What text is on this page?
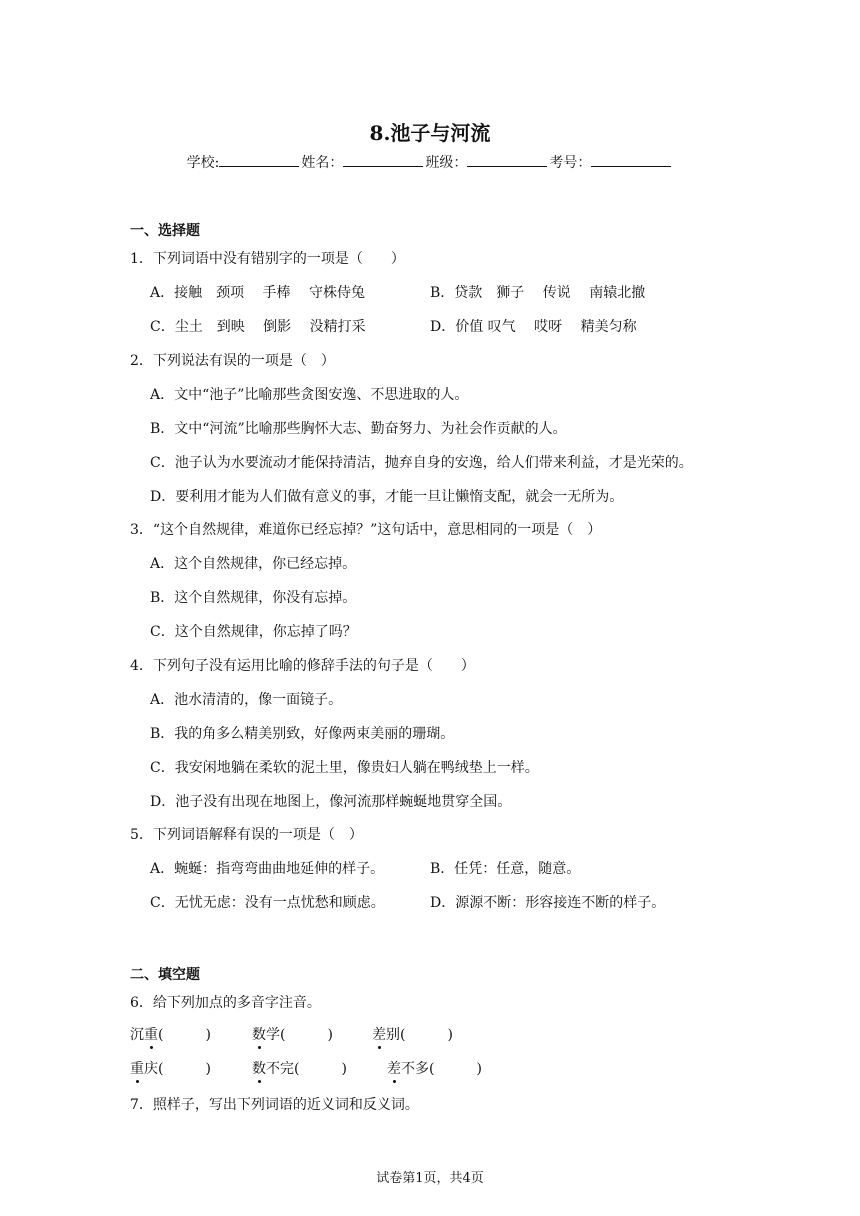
8.池子与河流
学校:	姓名：	班级：	考号：
一、选择题
1．下列词语中没有错别字的一项是（　　）
A．接触　颈项　 手棒　 守株侍兔	B．贷款　狮子　 传说　 南辕北撤
C．尘土　到映　 倒影　 没精打采	D．价值 叹气　 哎呀　 精美匀称
2．下列说法有误的一项是（　）
A．文中“池子”比喻那些贪图安逸、不思进取的人。
B．文中“河流”比喻那些胸怀大志、勤奋努力、为社会作贡献的人。
C．池子认为水要流动才能保持清洁，抛弃自身的安逸，给人们带来利益，才是光荣的。
D．要利用才能为人们做有意义的事，才能一旦让懒惰支配，就会一无所为。
3．“这个自然规律，难道你已经忘掉？”这句话中，意思相同的一项是（　）
A．这个自然规律，你已经忘掉。
B．这个自然规律，你没有忘掉。
C．这个自然规律，你忘掉了吗？
4．下列句子没有运用比喻的修辞手法的句子是（　　）
A．池水清清的，像一面镜子。
B．我的角多么精美别致，好像两束美丽的珊瑚。
C．我安闲地躺在柔软的泥土里，像贵妇人躺在鸭绒垫上一样。
D．池子没有出现在地图上，像河流那样蜿蜒地贯穿全国。
5．下列词语解释有误的一项是（　）
A．蜿蜒：指弯弯曲曲地延伸的样子。	B．任凭：任意，随意。
C．无忧无虑：没有一点忧愁和顾虑。	D．源源不断：形容接连不断的样子。
二、填空题
6．给下列加点的多音字注音。
沉重(　　　)	数学(　　　)	差别(　　　)
重庆(　　　)	数不完(　　　)	差不多(　　　)
7．照样子，写出下列词语的近义词和反义词。
试卷第1页，共4页
